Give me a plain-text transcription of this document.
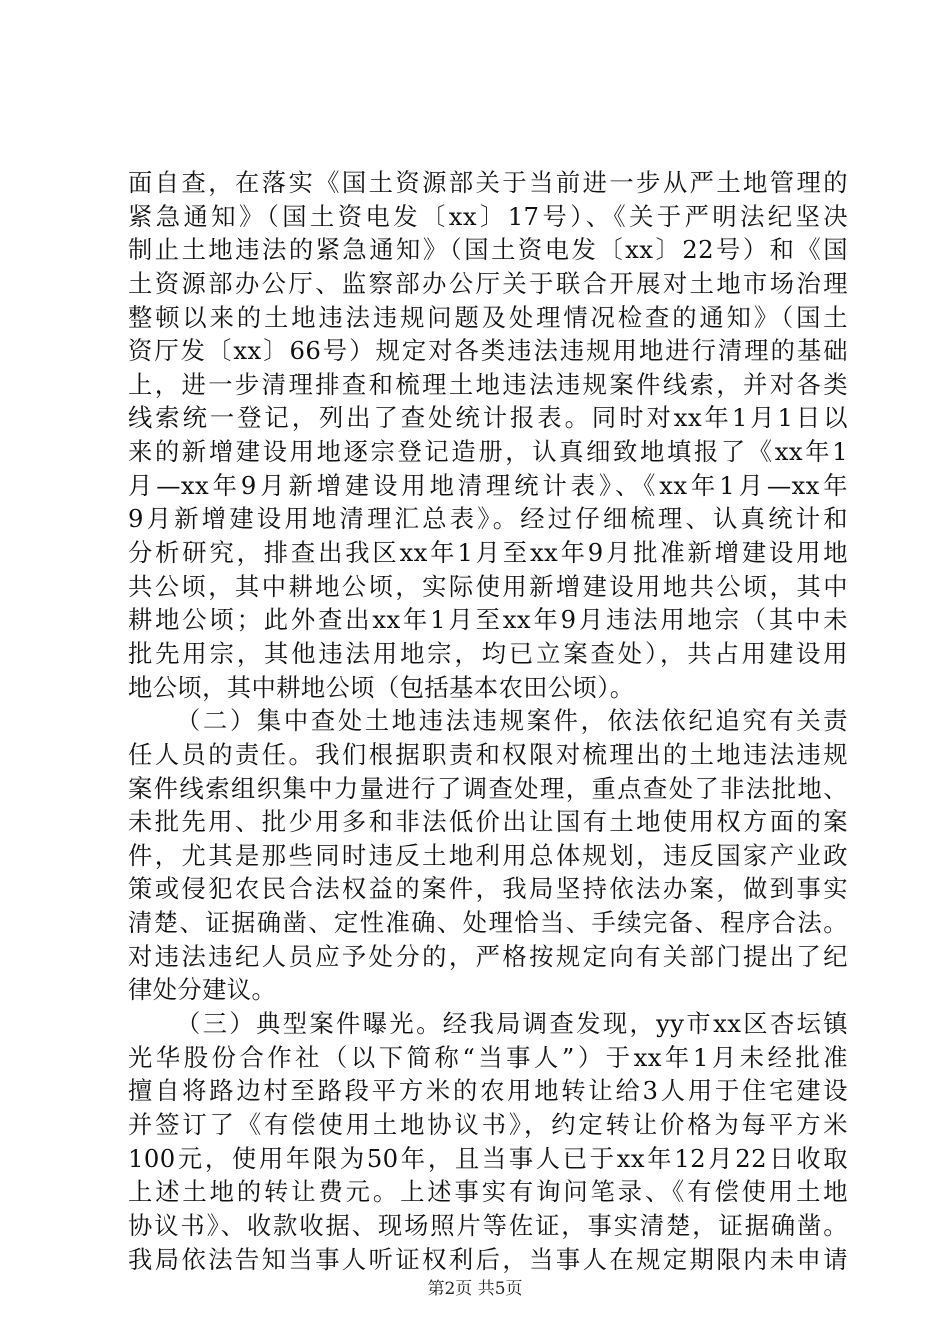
面自查，在落实《国土资源部关于当前进一步从严土地管理的
紧急通知》（国土资电发〔xx〕17号）、《关于严明法纪坚决
制止土地违法的紧急通知》（国土资电发〔xx〕22号）和《国
土资源部办公厅、监察部办公厅关于联合开展对土地市场治理
整顿以来的土地违法违规问题及处理情况检查的通知》（国土
资厅发〔xx〕66号）规定对各类违法违规用地进行清理的基础
上，进一步清理排查和梳理土地违法违规案件线索，并对各类
线索统一登记，列出了查处统计报表。同时对xx年1月1日以
来的新增建设用地逐宗登记造册，认真细致地填报了《xx年1
月—xx年9月新增建设用地清理统计表》、《xx年1月—xx年
9月新增建设用地清理汇总表》。经过仔细梳理、认真统计和
分析研究，排查出我区xx年1月至xx年9月批准新增建设用地
共公顷，其中耕地公顷，实际使用新增建设用地共公顷，其中
耕地公顷；此外查出xx年1月至xx年9月违法用地宗（其中未
批先用宗，其他违法用地宗，均已立案查处），共占用建设用
地公顷，其中耕地公顷（包括基本农田公顷）。
（二）集中查处土地违法违规案件，依法依纪追究有关责
任人员的责任。我们根据职责和权限对梳理出的土地违法违规
案件线索组织集中力量进行了调查处理，重点查处了非法批地、
未批先用、批少用多和非法低价出让国有土地使用权方面的案
件，尤其是那些同时违反土地利用总体规划，违反国家产业政
策或侵犯农民合法权益的案件，我局坚持依法办案，做到事实
清楚、证据确凿、定性准确、处理恰当、手续完备、程序合法。
对违法违纪人员应予处分的，严格按规定向有关部门提出了纪
律处分建议。
（三）典型案件曝光。经我局调查发现，yy市xx区杏坛镇
光华股份合作社（以下简称“当事人”）于xx年1月未经批准
擅自将路边村至路段平方米的农用地转让给3人用于住宅建设
并签订了《有偿使用土地协议书》，约定转让价格为每平方米
100元，使用年限为50年，且当事人已于xx年12月22日收取
上述土地的转让费元。上述事实有询问笔录、《有偿使用土地
协议书》、收款收据、现场照片等佐证，事实清楚，证据确凿。
我局依法告知当事人听证权利后，当事人在规定期限内未申请
第2页 共5页
